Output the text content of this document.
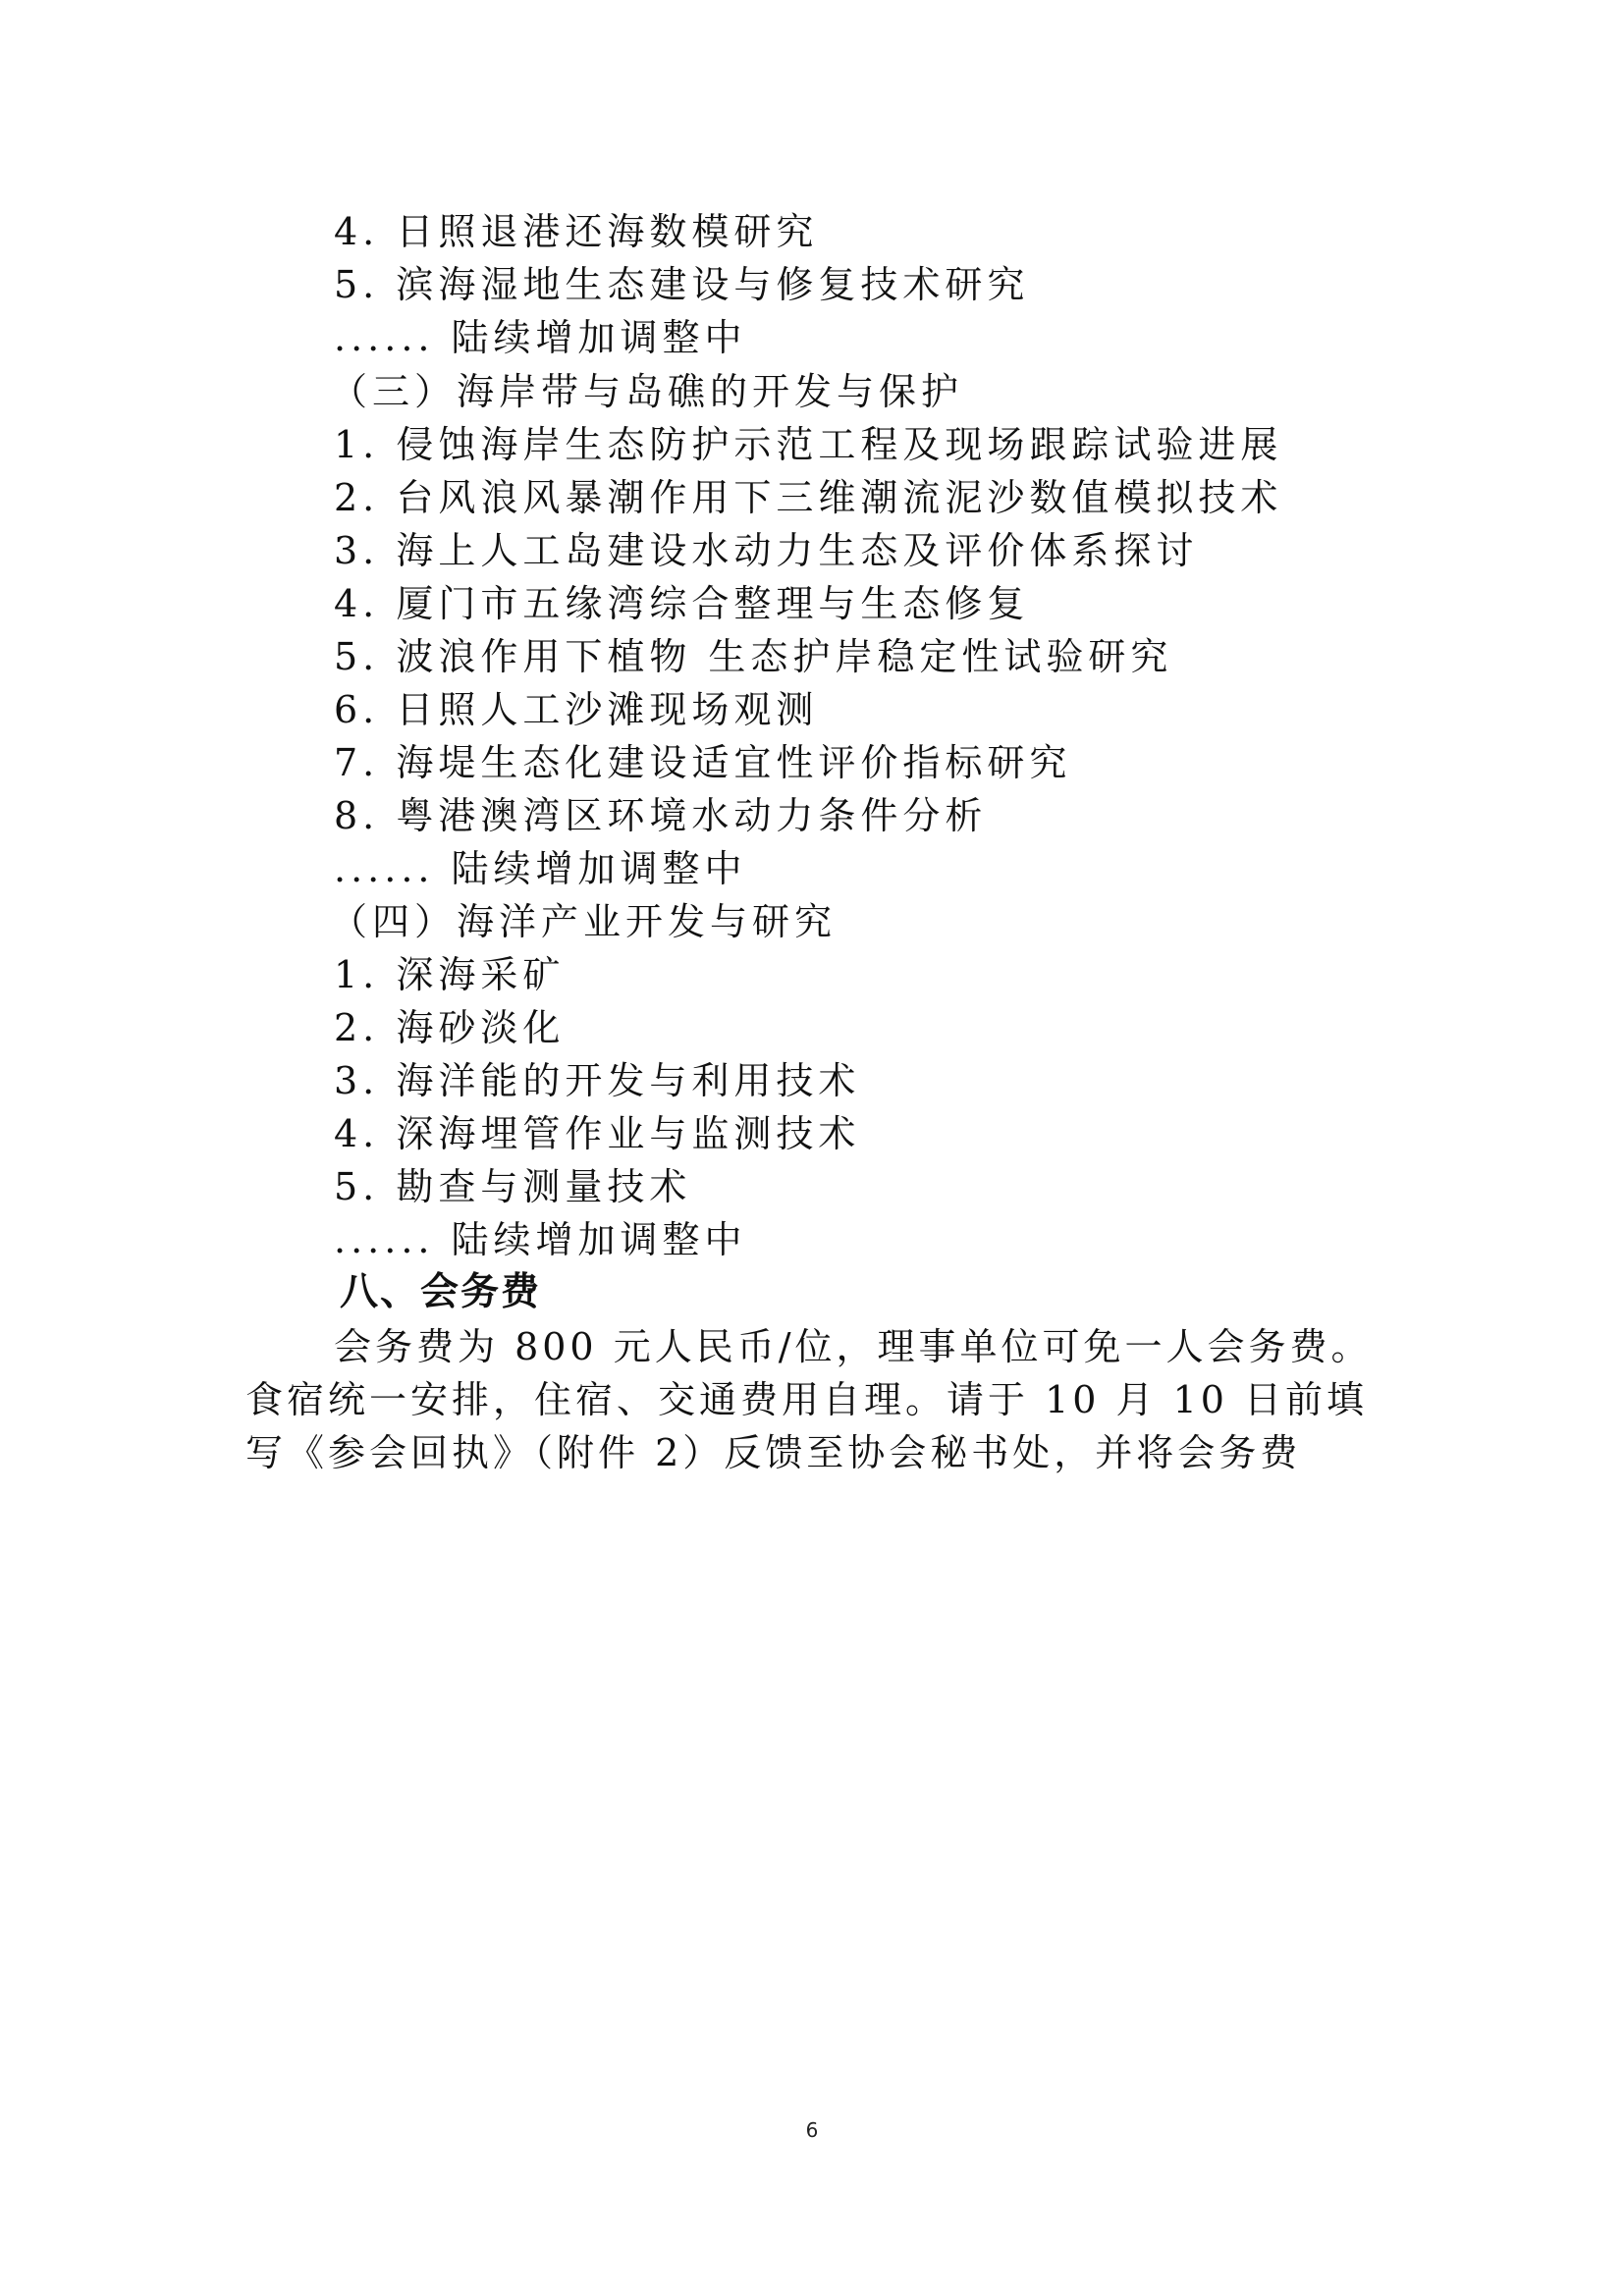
4. 日照退港还海数模研究
5. 滨海湿地生态建设与修复技术研究
...... 陆续增加调整中
（三）海岸带与岛礁的开发与保护
1. 侵蚀海岸生态防护示范工程及现场跟踪试验进展
2. 台风浪风暴潮作用下三维潮流泥沙数值模拟技术
3. 海上人工岛建设水动力生态及评价体系探讨
4. 厦门市五缘湾综合整理与生态修复
5. 波浪作用下植物 生态护岸稳定性试验研究
6. 日照人工沙滩现场观测
7. 海堤生态化建设适宜性评价指标研究
8. 粤港澳湾区环境水动力条件分析
...... 陆续增加调整中
（四）海洋产业开发与研究
1. 深海采矿
2. 海砂淡化
3. 海洋能的开发与利用技术
4. 深海埋管作业与监测技术
5. 勘查与测量技术
...... 陆续增加调整中
八、会务费
会务费为 800 元人民币/位，理事单位可免一人会务费。
食宿统一安排，住宿、交通费用自理。请于 10 月 10 日前填
写《参会回执》（附件 2）反馈至协会秘书处，并将会务费
6
